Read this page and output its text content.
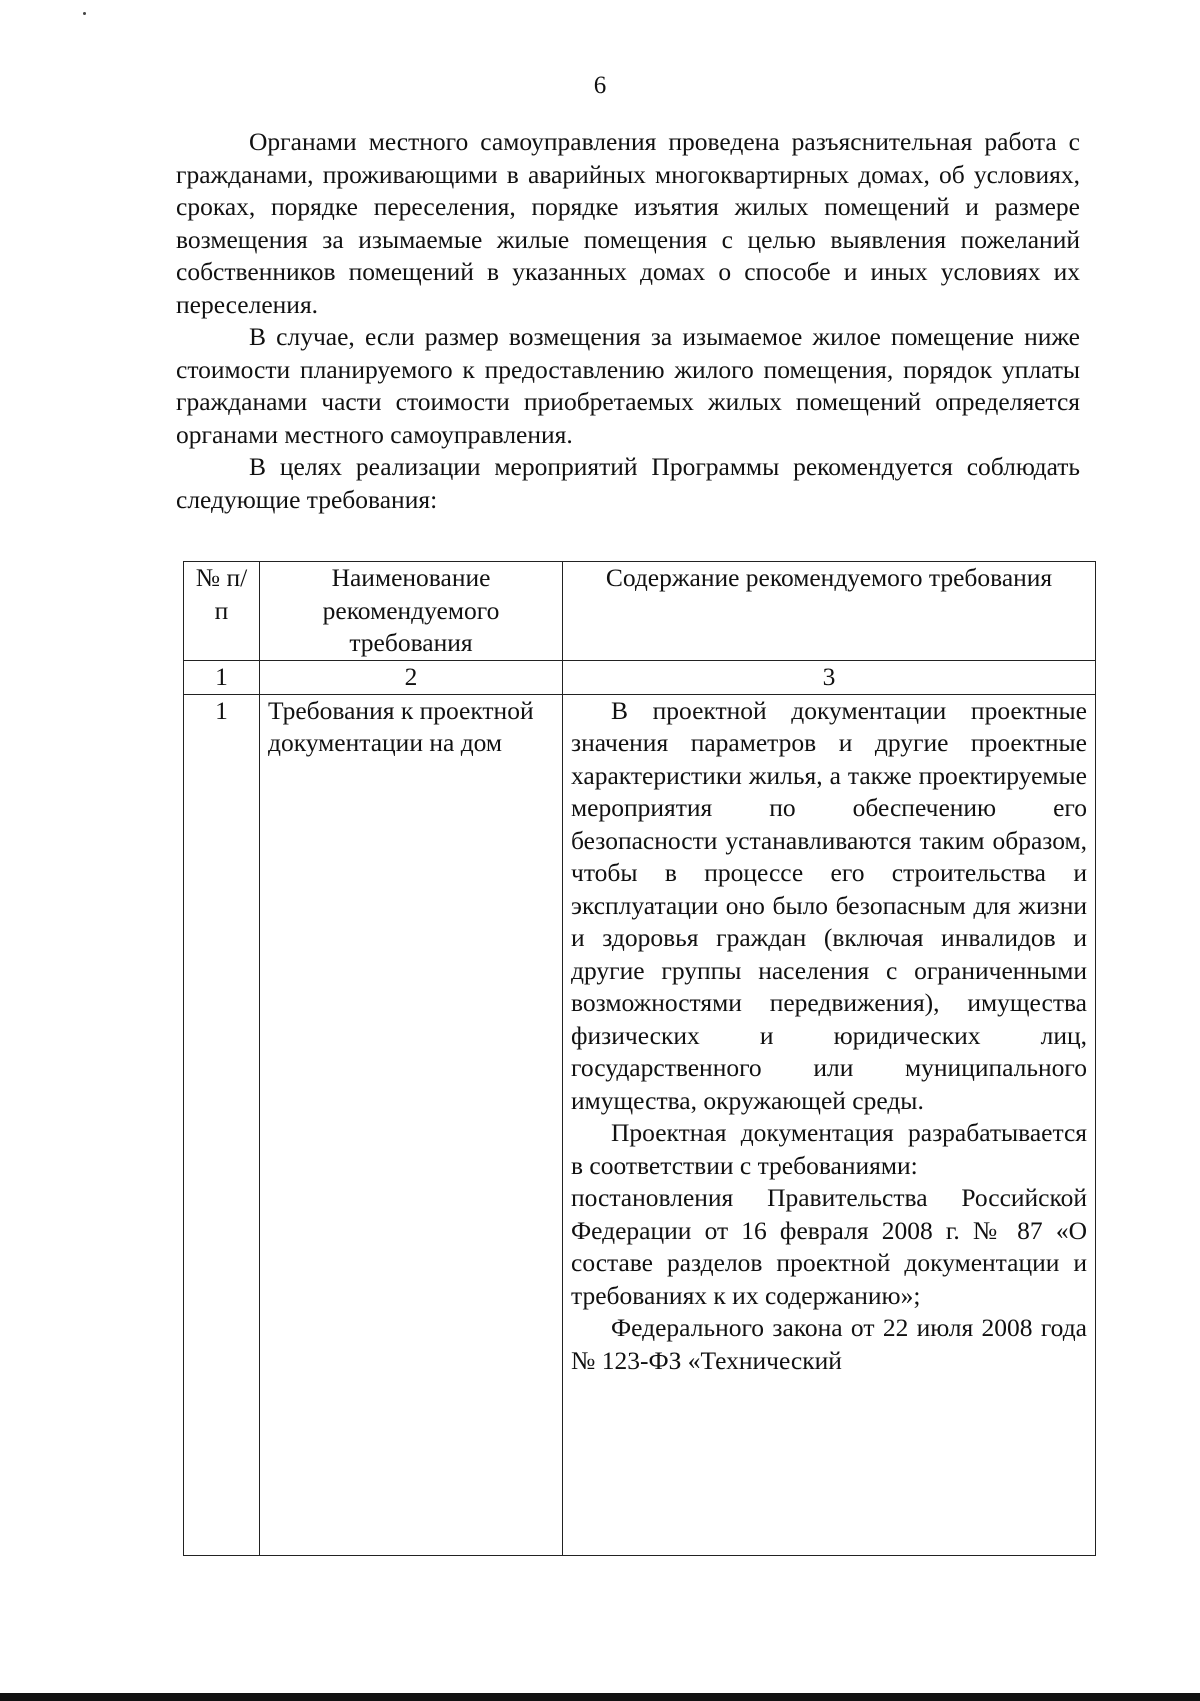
6

Органами местного самоуправления проведена разъяснительная работа с гражданами, проживающими в аварийных многоквартирных домах, об условиях, сроках, порядке переселения, порядке изъятия жилых помещений и размере возмещения за изымаемые жилые помещения с целью выявления пожеланий собственников помещений в указанных домах о способе и иных условиях их переселения.

В случае, если размер возмещения за изымаемое жилое помещение ниже стоимости планируемого к предоставлению жилого помещения, порядок уплаты гражданами части стоимости приобретаемых жилых помещений определяется органами местного самоуправления.

В целях реализации мероприятий Программы рекомендуется соблюдать следующие требования:

№ п/п	Наименование рекомендуемого требования	Содержание рекомендуемого требования
1	2	3
1	Требования к проектной документации на дом	В проектной документации проектные значения параметров и другие проектные характеристики жилья, а также проектируемые мероприятия по обеспечению его безопасности устанавливаются таким образом, чтобы в процессе его строительства и эксплуатации оно было безопасным для жизни и здоровья граждан (включая инвалидов и другие группы населения с ограниченными возможностями передвижения), имущества физических и юридических лиц, государственного или муниципального имущества, окружающей среды.

Проектная документация разрабатывается в соответствии с требованиями:

постановления Правительства Российской Федерации от 16 февраля 2008 г. № 87 «О составе разделов проектной документации и требованиях к их содержанию»;

Федерального закона от 22 июля 2008 года № 123-ФЗ «Технический
